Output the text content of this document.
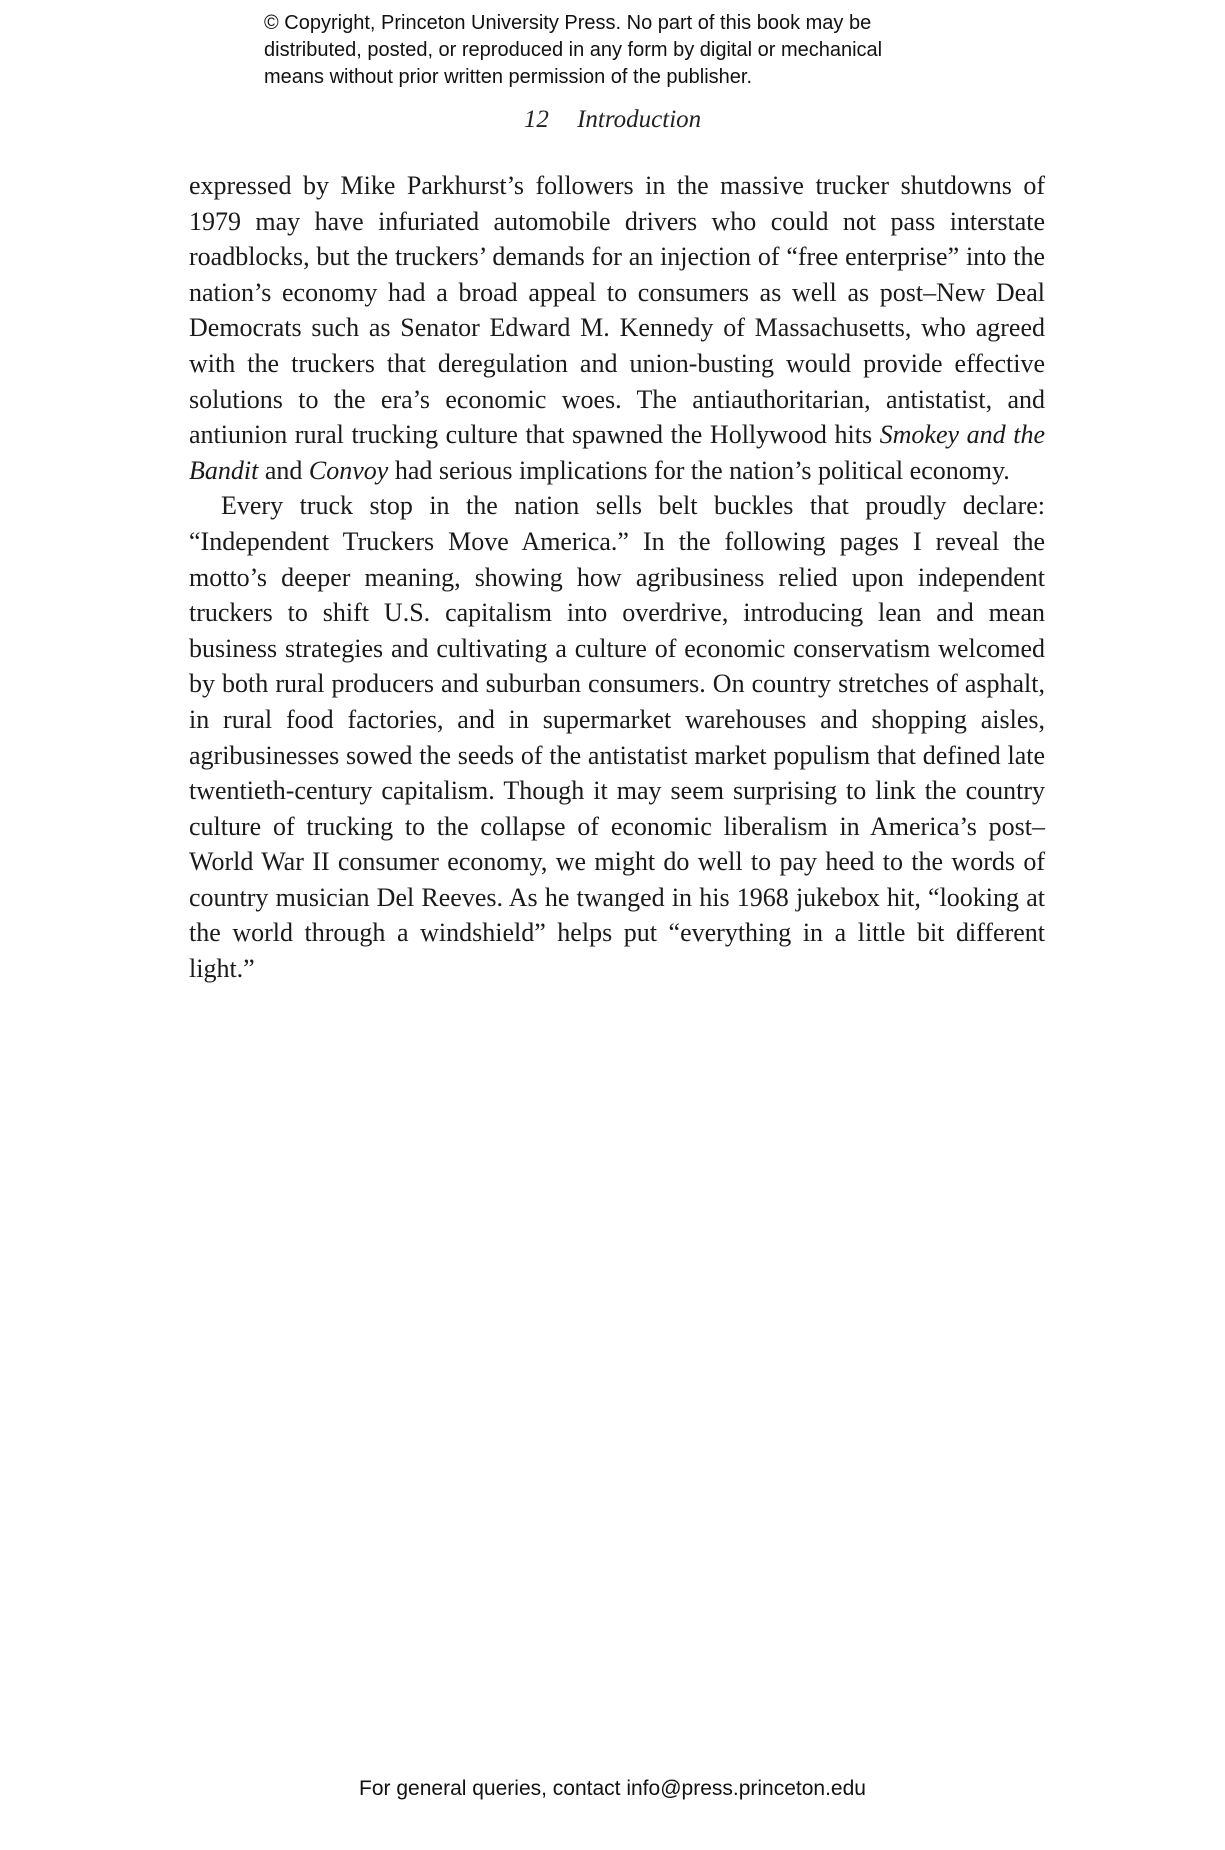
© Copyright, Princeton University Press. No part of this book may be
distributed, posted, or reproduced in any form by digital or mechanical
means without prior written permission of the publisher.
12 Introduction

expressed by Mike Parkhurst’s followers in the massive trucker shutdowns of 1979 may have infuriated automobile drivers who could not pass interstate roadblocks, but the truckers’ demands for an injection of “free enterprise” into the nation’s economy had a broad appeal to consumers as well as post–New Deal Democrats such as Senator Edward M. Kennedy of Massachusetts, who agreed with the truckers that deregulation and union-busting would provide effective solutions to the era’s economic woes. The antiauthoritarian, antistatist, and antiunion rural trucking culture that spawned the Hollywood hits Smokey and the Bandit and Convoy had serious implications for the nation’s political economy.

Every truck stop in the nation sells belt buckles that proudly declare: “Independent Truckers Move America.” In the following pages I reveal the motto’s deeper meaning, showing how agribusiness relied upon independent truckers to shift U.S. capitalism into overdrive, introducing lean and mean business strategies and cultivating a culture of economic conservatism welcomed by both rural producers and suburban consumers. On country stretches of asphalt, in rural food factories, and in supermarket warehouses and shopping aisles, agribusinesses sowed the seeds of the antistatist market populism that defined late twentieth-century capitalism. Though it may seem surprising to link the country culture of trucking to the collapse of economic liberalism in America’s post–World War II consumer economy, we might do well to pay heed to the words of country musician Del Reeves. As he twanged in his 1968 jukebox hit, “looking at the world through a windshield” helps put “everything in a little bit different light.”

For general queries, contact info@press.princeton.edu
